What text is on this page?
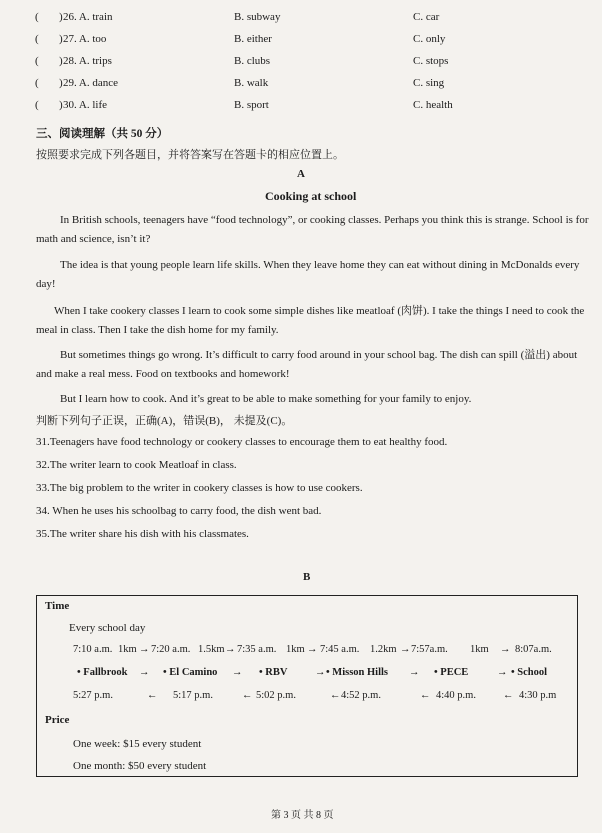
( ) 26. A. train	B. subway	C. car
( ) 27. A. too	B. either	C. only
( ) 28. A. trips	B. clubs	C. stops
( ) 29. A. dance	B. walk	C. sing
( ) 30. A. life	B. sport	C. health
三、阅读理解（共 50 分）
按照要求完成下列各题目，并将答案写在答题卡的相应位置上。
A
Cooking at school
In British schools, teenagers have “food technology”, or cooking classes. Perhaps you think this is strange. School is for math and science, isn’t it?
The idea is that young people learn life skills. When they leave home they can eat without dining in McDonalds every day!
When I take cookery classes I learn to cook some simple dishes like meatloaf (肉饼). I take the things I need to cook the meal in class. Then I take the dish home for my family.
But sometimes things go wrong. It’s difficult to carry food around in your school bag. The dish can spill (溢出) about and make a real mess. Food on textbooks and homework!
But I learn how to cook. And it’s great to be able to make something for your family to enjoy.
判断下列句子正误，正确(A)，错误(B)， 未提及(C)。
31.Teenagers have food technology or cookery classes to encourage them to eat healthy food.
32.The writer learn to cook Meatloaf in class.
33.The big problem to the writer in cookery classes is how to use cookers.
34. When he uses his schoolbag to carry food, the dish went bad.
35.The writer share his dish with his classmates.
B
Time
Every school day
7:10 a.m. 1km → 7:20 a.m. 1.5km → 7:35 a.m. 1km → 7:45 a.m. 1.2km → 7:57a.m. 1km → 8:07a.m.
• Fallbrook → • El Camino → • RBV	→ • Misson Hills → • PECE	→ • School
5:27 p.m.	← 5:17 p.m.	← 5:02 p.m.	← 4:52 p.m.	← 4:40 p.m.	← 4:30 p.m
Price
One week: $15 every student
One month: $50 every student
第 3 页 共 8 页
